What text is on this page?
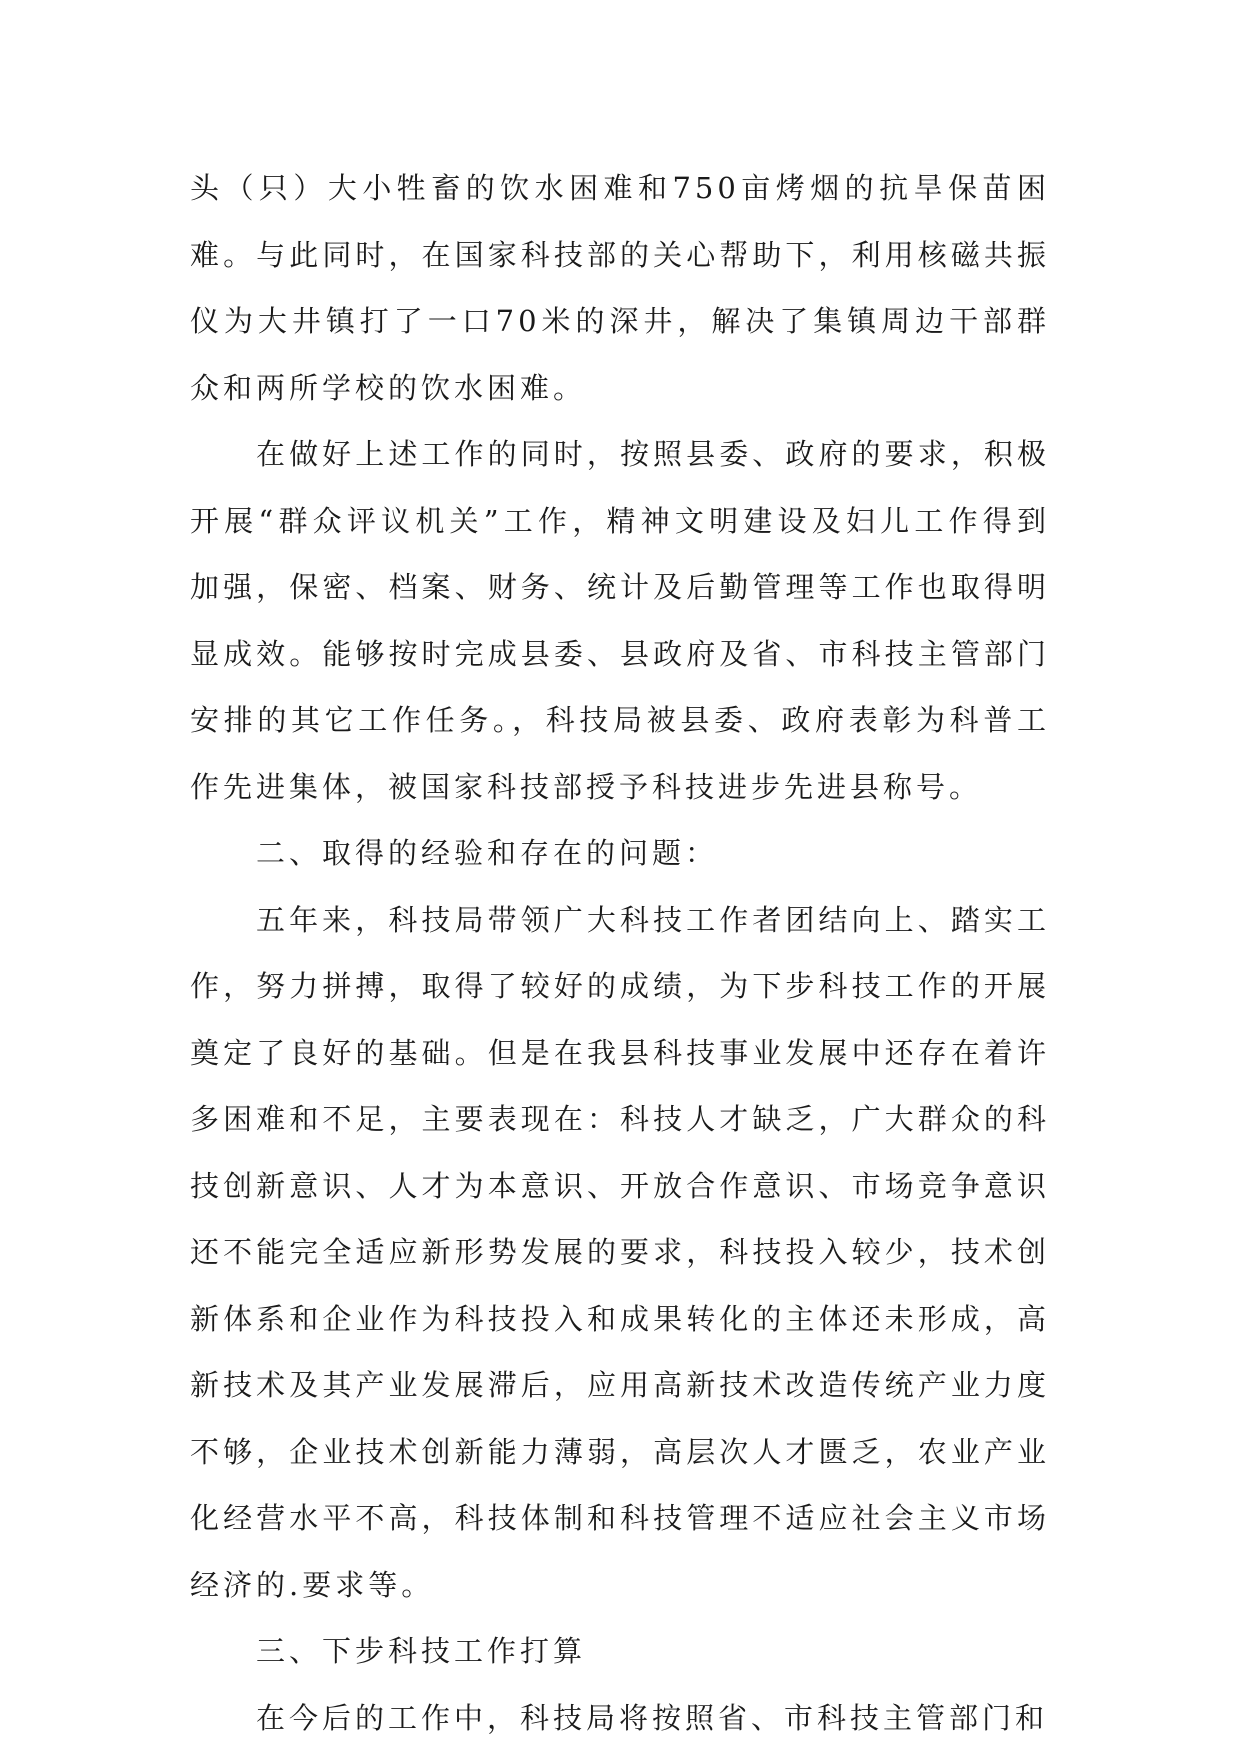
头（只）大小牲畜的饮水困难和750亩烤烟的抗旱保苗困难。与此同时，在国家科技部的关心帮助下，利用核磁共振仪为大井镇打了一口70米的深井，解决了集镇周边干部群众和两所学校的饮水困难。

在做好上述工作的同时，按照县委、政府的要求，积极开展“群众评议机关”工作，精神文明建设及妇儿工作得到加强，保密、档案、财务、统计及后勤管理等工作也取得明显成效。能够按时完成县委、县政府及省、市科技主管部门安排的其它工作任务。，科技局被县委、政府表彰为科普工作先进集体，被国家科技部授予科技进步先进县称号。

二、取得的经验和存在的问题：

五年来，科技局带领广大科技工作者团结向上、踏实工作，努力拼搏，取得了较好的成绩，为下步科技工作的开展奠定了良好的基础。但是在我县科技事业发展中还存在着许多困难和不足，主要表现在：科技人才缺乏，广大群众的科技创新意识、人才为本意识、开放合作意识、市场竞争意识还不能完全适应新形势发展的要求，科技投入较少，技术创新体系和企业作为科技投入和成果转化的主体还未形成，高新技术及其产业发展滞后，应用高新技术改造传统产业力度不够，企业技术创新能力薄弱，高层次人才匮乏，农业产业化经营水平不高，科技体制和科技管理不适应社会主义市场经济的.要求等。

三、下步科技工作打算

在今后的工作中，科技局将按照省、市科技主管部门和
